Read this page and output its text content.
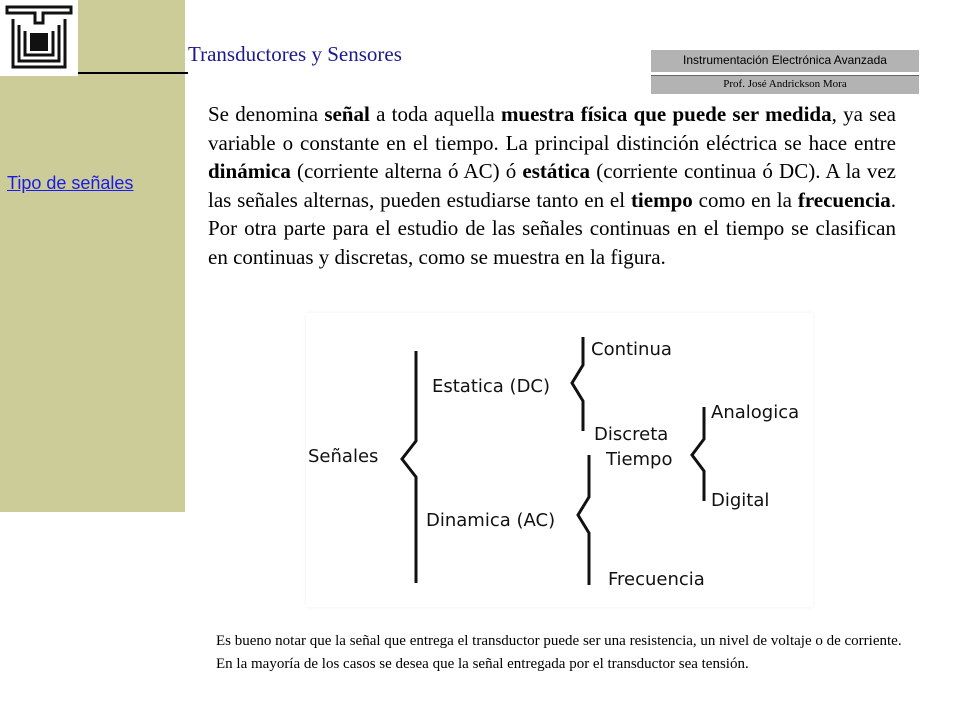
Transductores y Sensores	Instrumentación Electrónica Avanzada
Prof. José Andrickson Mora
Tipo de señales
Se denomina señal a toda aquella muestra física que puede ser medida, ya sea variable o constante en el tiempo. La principal distinción eléctrica se hace entre dinámica (corriente alterna ó AC) ó estática (corriente continua ó DC). A la vez las señales alternas, pueden estudiarse tanto en el tiempo como en la frecuencia. Por otra parte para el estudio de las señales continuas en el tiempo se clasifican en continuas y discretas, como se muestra en la figura.
Señales
Estatica (DC)
Continua
Discreta
Analogica
Digital
Dinamica (AC)
Tiempo
Frecuencia
Es bueno notar que la señal que entrega el transductor puede ser una resistencia, un nivel de voltaje o de corriente. En la mayoría de los casos se desea que la señal entregada por el transductor sea tensión.
